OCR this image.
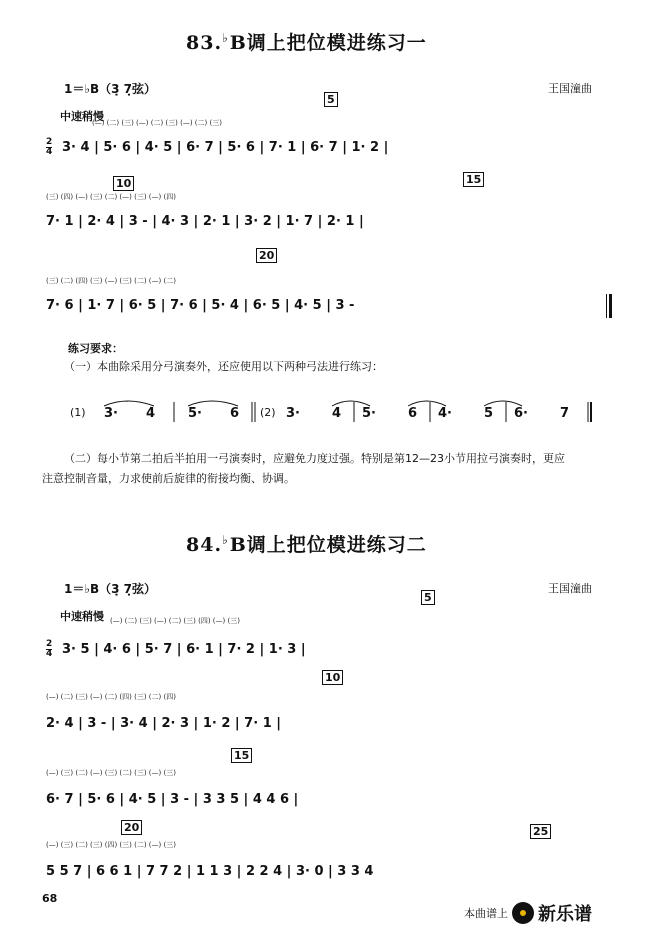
83.♭B调上把位模进练习一
1＝♭B（3̣ 7̣弦）	王国潼曲
中速稍慢
5
(—) (二) (三) (—) (二) (三) (—) (二) (三)
2
4 3· 4 | 5· 6 | 4· 5 | 6· 7 | 5· 6 | 7· 1 | 6· 7 | 1· 2 |
10	15
(三) (四) (—) (三) (二) (—) (三) (—) (四)
7· 1 | 2· 4 | 3 - | 4· 3 | 2· 1 | 3· 2 | 1· 7 | 2· 1 |
20
(三) (二) (四) (三) (—) (三) (二) (—) (二)
7· 6 | 1· 7 | 6· 5 | 7· 6 | 5· 4 | 6· 5 | 4· 5 | 3 -
练习要求：
（一）本曲除采用分弓演奏外，还应使用以下两种弓法进行练习：
(1) 3· 4	5· 6 (2) 3· 4 5· 6 4· 5 6· 7
（二）每小节第二拍后半拍用一弓演奏时，应避免力度过强。特别是第12—23小节用拉弓演奏时，更应
注意控制音量，力求使前后旋律的衔接均衡、协调。
84.♭B调上把位模进练习二
1＝♭B（3̣ 7̣弦）	王国潼曲
中速稍慢
5
(—) (二) (三) (—) (二) (三) (四) (—) (三)
2
4 3· 5 | 4· 6 | 5· 7 | 6· 1 | 7· 2 | 1· 3 |
10
(—) (二) (三) (—) (二) (四) (三) (二) (四)
2· 4 | 3 - | 3· 4 | 2· 3 | 1· 2 | 7· 1 |
15
(—) (三) (二) (—) (三) (二) (三) (—) (三)
6· 7 | 5· 6 | 4· 5 | 3 - | 3 3 5 | 4 4 6 |
20	25
(—) (三) (二) (三) (四) (三) (二) (—) (三)
5 5 7 | 6 6 1 | 7 7 2 | 1 1 3 | 2 2 4 | 3· 0 | 3 3 4
68
本曲谱上 新乐谱
